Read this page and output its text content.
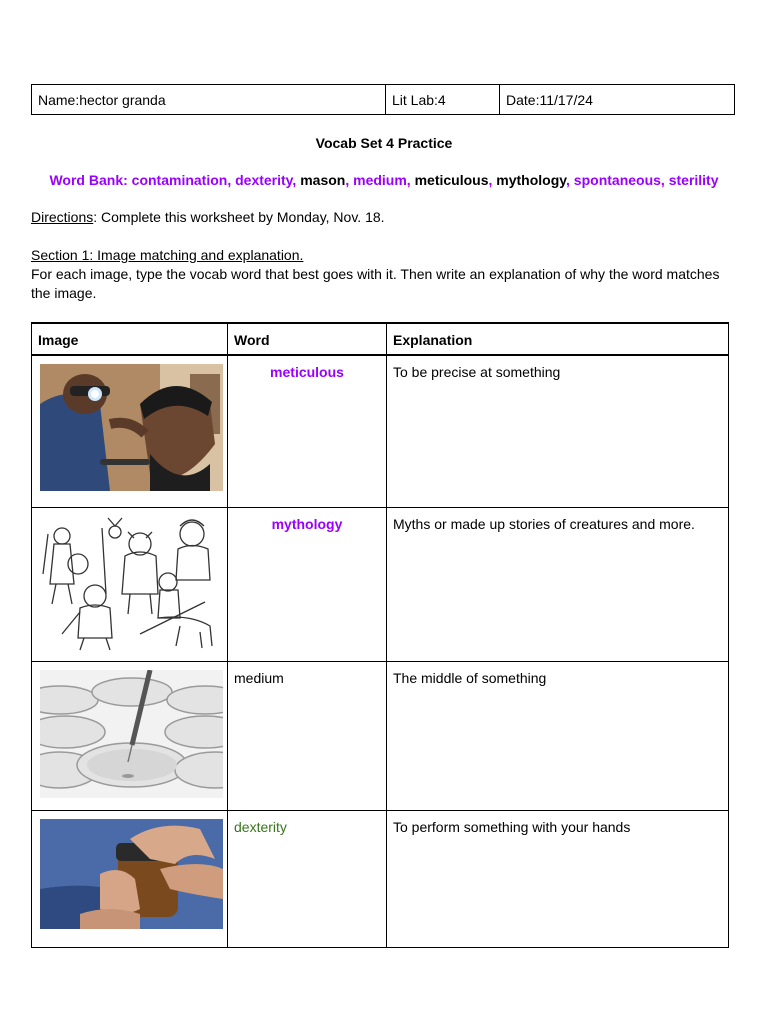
Name:hector granda	Lit Lab:4	Date:11/17/24
Vocab Set 4 Practice
Word Bank: contamination, dexterity, mason, medium, meticulous, mythology, spontaneous, sterility
Directions: Complete this worksheet by Monday, Nov. 18.
Section 1: Image matching and explanation.
For each image, type the vocab word that best goes with it. Then write an explanation of why the word matches the image.
Image	Word	Explanation

meticulous	To be precise at something

mythology	Myths or made up stories of creatures and more.

medium	The middle of something

dexterity	To perform something with your hands
